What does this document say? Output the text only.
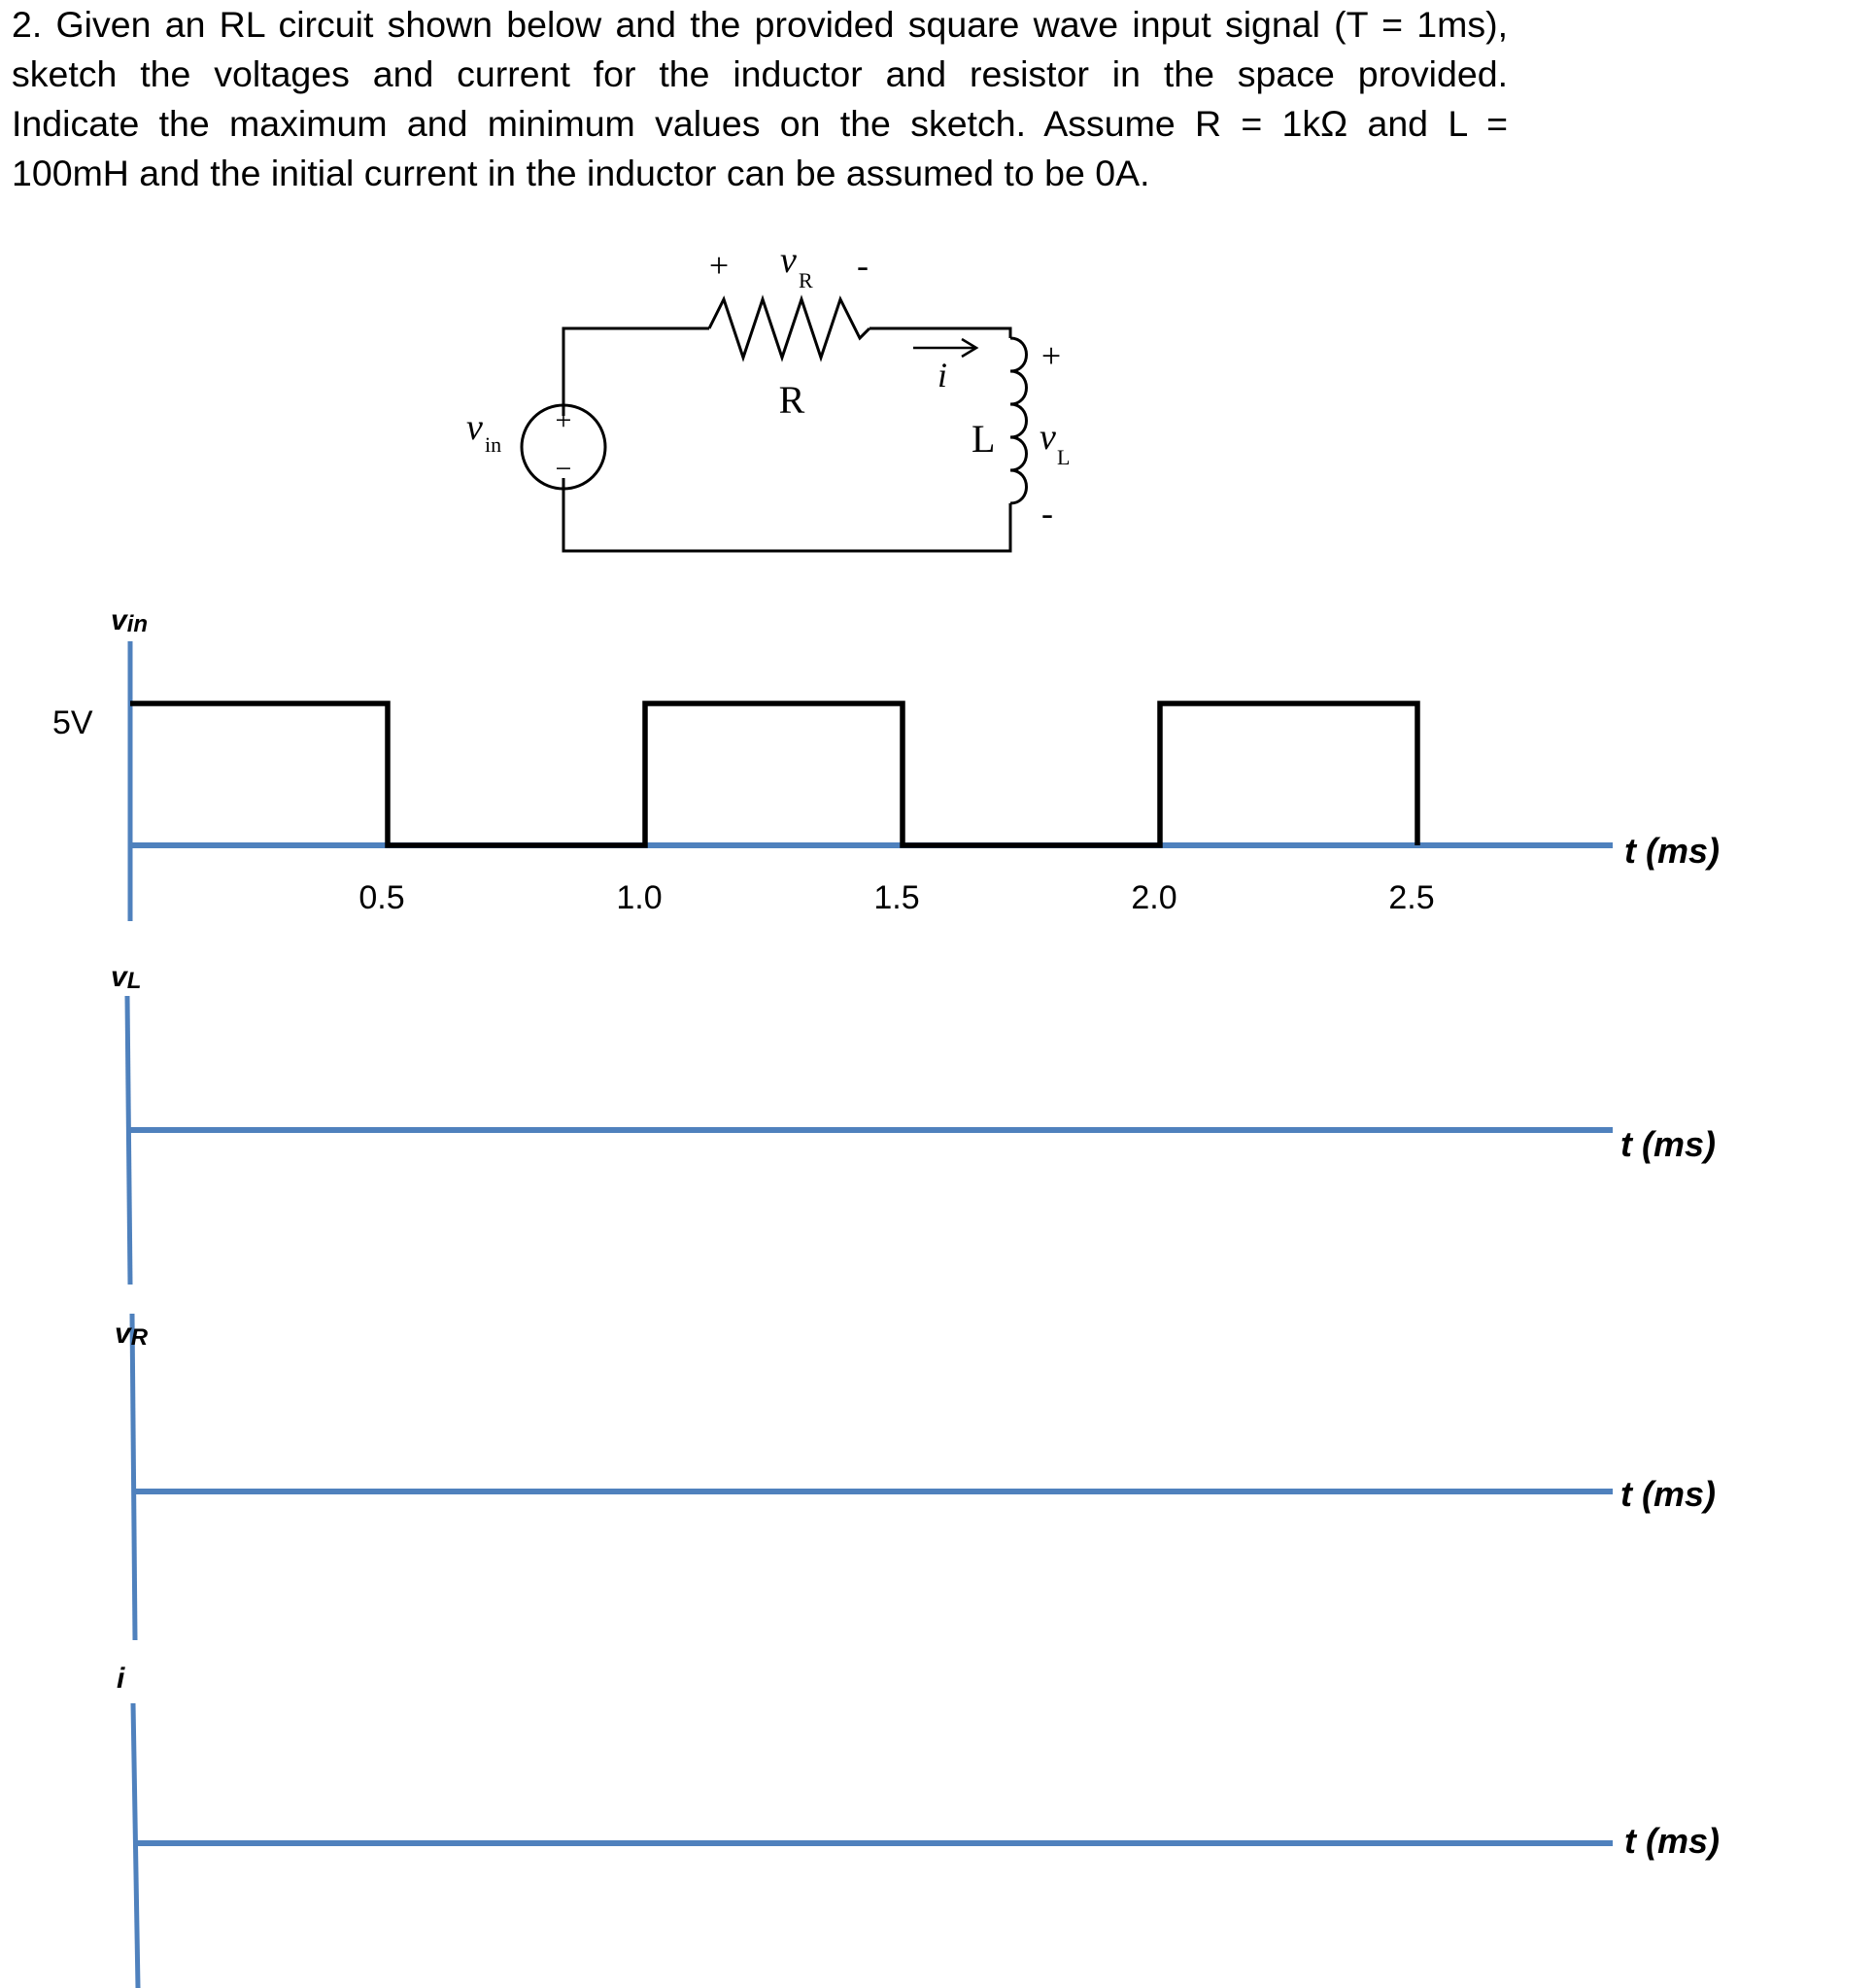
2. Given an RL circuit shown below and the provided square wave input signal (T = 1ms),
sketch the voltages and current for the inductor and resistor in the space provided.
Indicate the maximum and minimum values on the sketch. Assume R = 1kΩ and L =
100mH and the initial current in the inductor can be assumed to be 0A.
+
−
v in
+ v R -
R
i
L
+
v L
-
vin
5V
0.5	1.0	1.5	2.0	2.5
t (ms)
vL
t (ms)
vR
t (ms)
i
t (ms)
